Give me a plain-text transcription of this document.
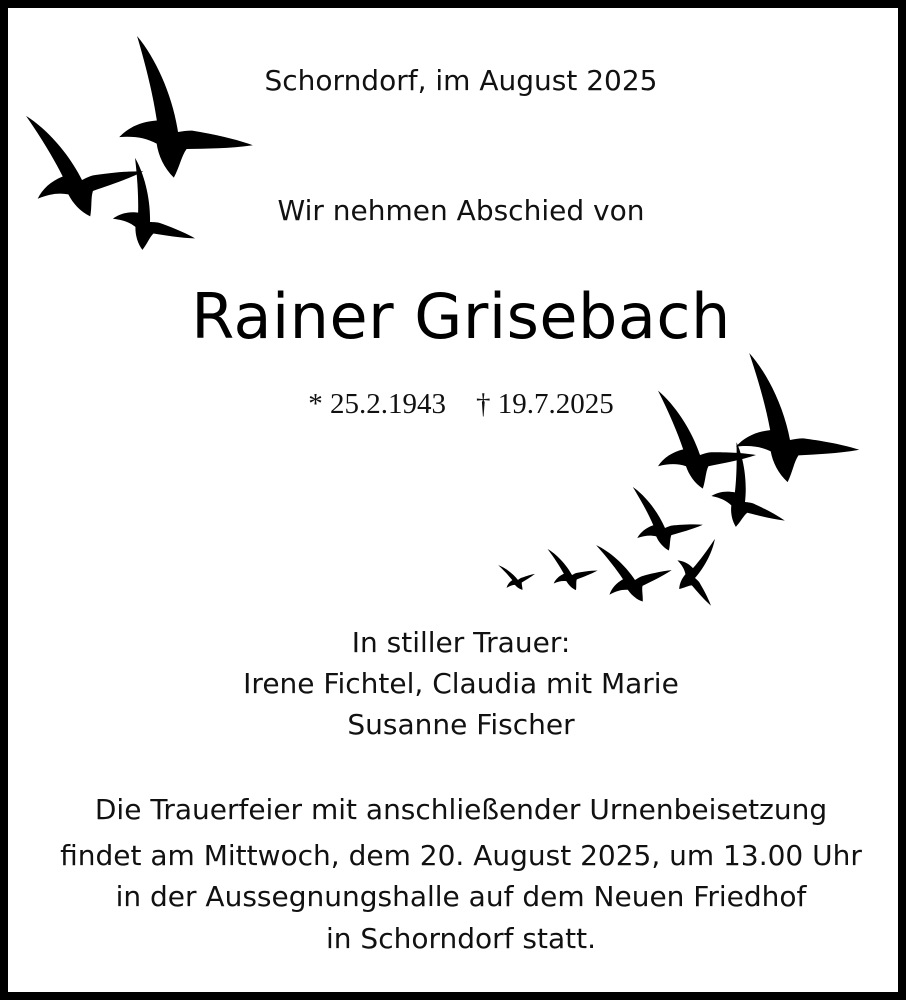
Schorndorf, im August 2025
Wir nehmen Abschied von
Rainer Grisebach
* 25.2.1943 † 19.7.2025
In stiller Trauer:
Irene Fichtel, Claudia mit Marie
Susanne Fischer
Die Trauerfeier mit anschließender Urnenbeisetzung
findet am Mittwoch, dem 20. August 2025, um 13.00 Uhr
in der Aussegnungshalle auf dem Neuen Friedhof
in Schorndorf statt.
